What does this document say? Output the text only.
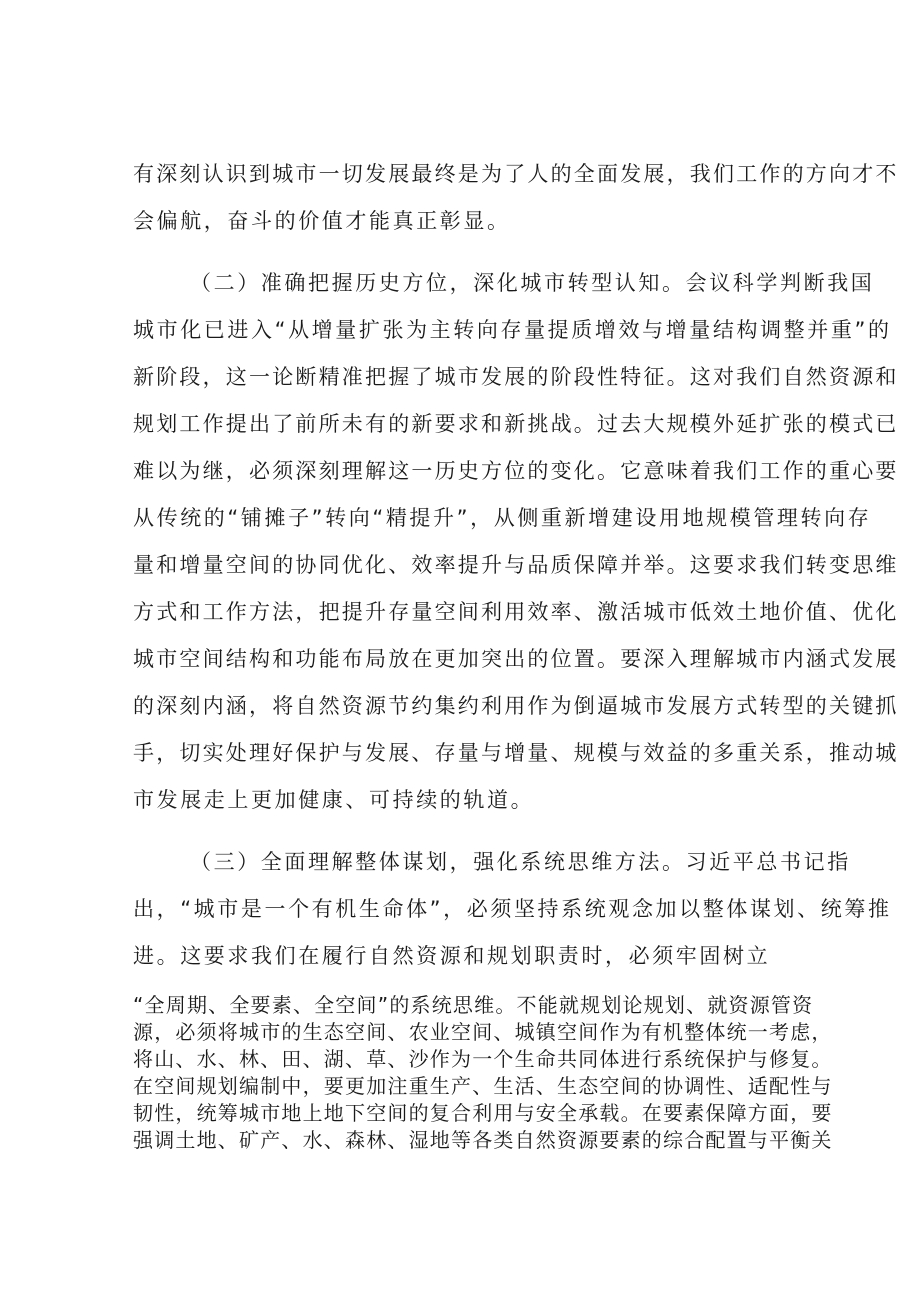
有深刻认识到城市一切发展最终是为了人的全面发展，我们工作的方向才不
会偏航，奋斗的价值才能真正彰显。
（二）准确把握历史方位，深化城市转型认知。会议科学判断我国
城市化已进入“从增量扩张为主转向存量提质增效与增量结构调整并重”的
新阶段，这一论断精准把握了城市发展的阶段性特征。这对我们自然资源和
规划工作提出了前所未有的新要求和新挑战。过去大规模外延扩张的模式已
难以为继，必须深刻理解这一历史方位的变化。它意味着我们工作的重心要
从传统的“铺摊子”转向“精提升”，从侧重新增建设用地规模管理转向存
量和增量空间的协同优化、效率提升与品质保障并举。这要求我们转变思维
方式和工作方法，把提升存量空间利用效率、激活城市低效土地价值、优化
城市空间结构和功能布局放在更加突出的位置。要深入理解城市内涵式发展
的深刻内涵，将自然资源节约集约利用作为倒逼城市发展方式转型的关键抓
手，切实处理好保护与发展、存量与增量、规模与效益的多重关系，推动城
市发展走上更加健康、可持续的轨道。
（三）全面理解整体谋划，强化系统思维方法。习近平总书记指
出，“城市是一个有机生命体”，必须坚持系统观念加以整体谋划、统筹推
进。这要求我们在履行自然资源和规划职责时，必须牢固树立
“全周期、全要素、全空间”的系统思维。不能就规划论规划、就资源管资
源，必须将城市的生态空间、农业空间、城镇空间作为有机整体统一考虑，
将山、水、林、田、湖、草、沙作为一个生命共同体进行系统保护与修复。
在空间规划编制中，要更加注重生产、生活、生态空间的协调性、适配性与
韧性，统筹城市地上地下空间的复合利用与安全承载。在要素保障方面，要
强调土地、矿产、水、森林、湿地等各类自然资源要素的综合配置与平衡关
